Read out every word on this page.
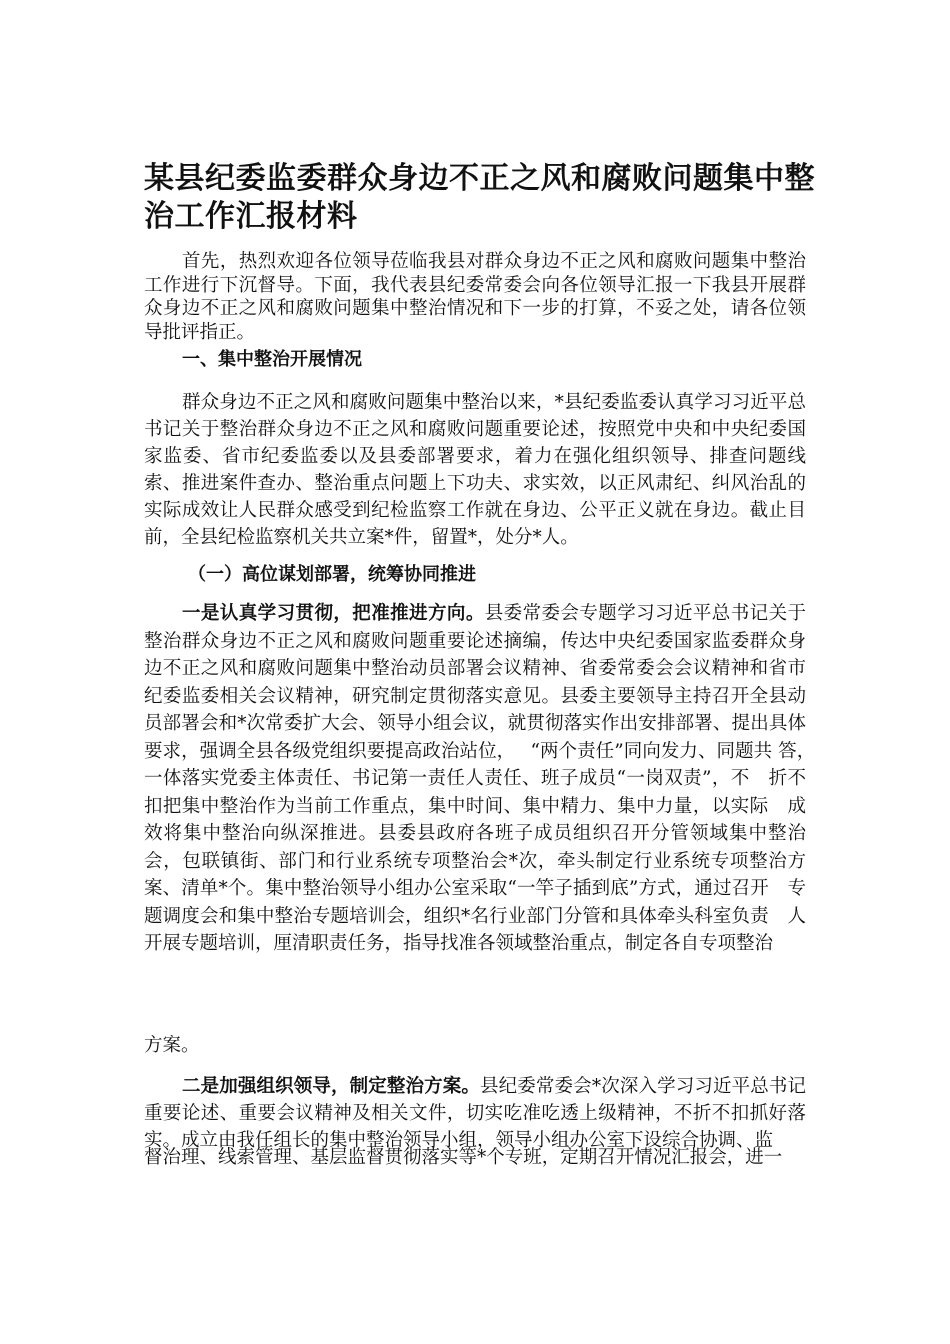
某县纪委监委群众身边不正之风和腐败问题集中整治工作汇报材料

首先，热烈欢迎各位领导莅临我县对群众身边不正之风和腐败问题集中整治工作进行下沉督导。下面，我代表县纪委常委会向各位领导汇报一下我县开展群 众身边不正之风和腐败问题集中整治情况和下一步的打算，不妥之处，请各位领 导批评指正。

一、集中整治开展情况

群众身边不正之风和腐败问题集中整治以来，*县纪委监委认真学习习近平总书记关于整治群众身边不正之风和腐败问题重要论述，按照党中央和中央纪委国家监委、省市纪委监委以及县委部署要求，着力在强化组织领导、排查问题线索、推进案件查办、整治重点问题上下功夫、求实效，以正风肃纪、纠风治乱的实际成效让人民群众感受到纪检监察工作就在身边、公平正义就在身边。截止目前，全县纪检监察机关共立案*件，留置*，处分*人。

（一）高位谋划部署，统筹协同推进

一是认真学习贯彻，把准推进方向。县委常委会专题学习习近平总书记关于整治群众身边不正之风和腐败问题重要论述摘编，传达中央纪委国家监委群众身边不正之风和腐败问题集中整治动员部署会议精神、省委常委会会议精神和省市纪委监委相关会议精神，研究制定贯彻落实意见。县委主要领导主持召开全县动员部署会和*次常委扩大会、领导小组会议，就贯彻落实作出安排部署、提出具体要求，强调全县各级党组织要提高政治站位，　 “两个责任”同向发力、同题共 答，　一体落实党委主体责任、书记第一责任人责任、班子成员“一岗双责”，不　折不扣把集中整治作为当前工作重点，集中时间、集中精力、集中力量，以实际　成效将集中整治向纵深推进。县委县政府各班子成员组织召开分管领域集中整治　会，包联镇街、部门和行业系统专项整治会*次，牵头制定行业系统专项整治方　案、清单*个。集中整治领导小组办公室采取“一竿子插到底”方式，通过召开　专题调度会和集中整治专题培训会，组织*名行业部门分管和具体牵头科室负责　人开展专题培训，厘清职责任务，指导找准各领域整治重点，制定各自专项整治

方案。

二是加强组织领导，制定整治方案。县纪委常委会*次深入学习习近平总书记重要论述、重要会议精神及相关文件，切实吃准吃透上级精神，不折不扣抓好落实。成立由我任组长的集中整治领导小组，领导小组办公室下设综合协调、监

督治理、线索管理、基层监督贯彻落实等*个专班，定期召开情况汇报会，进一
